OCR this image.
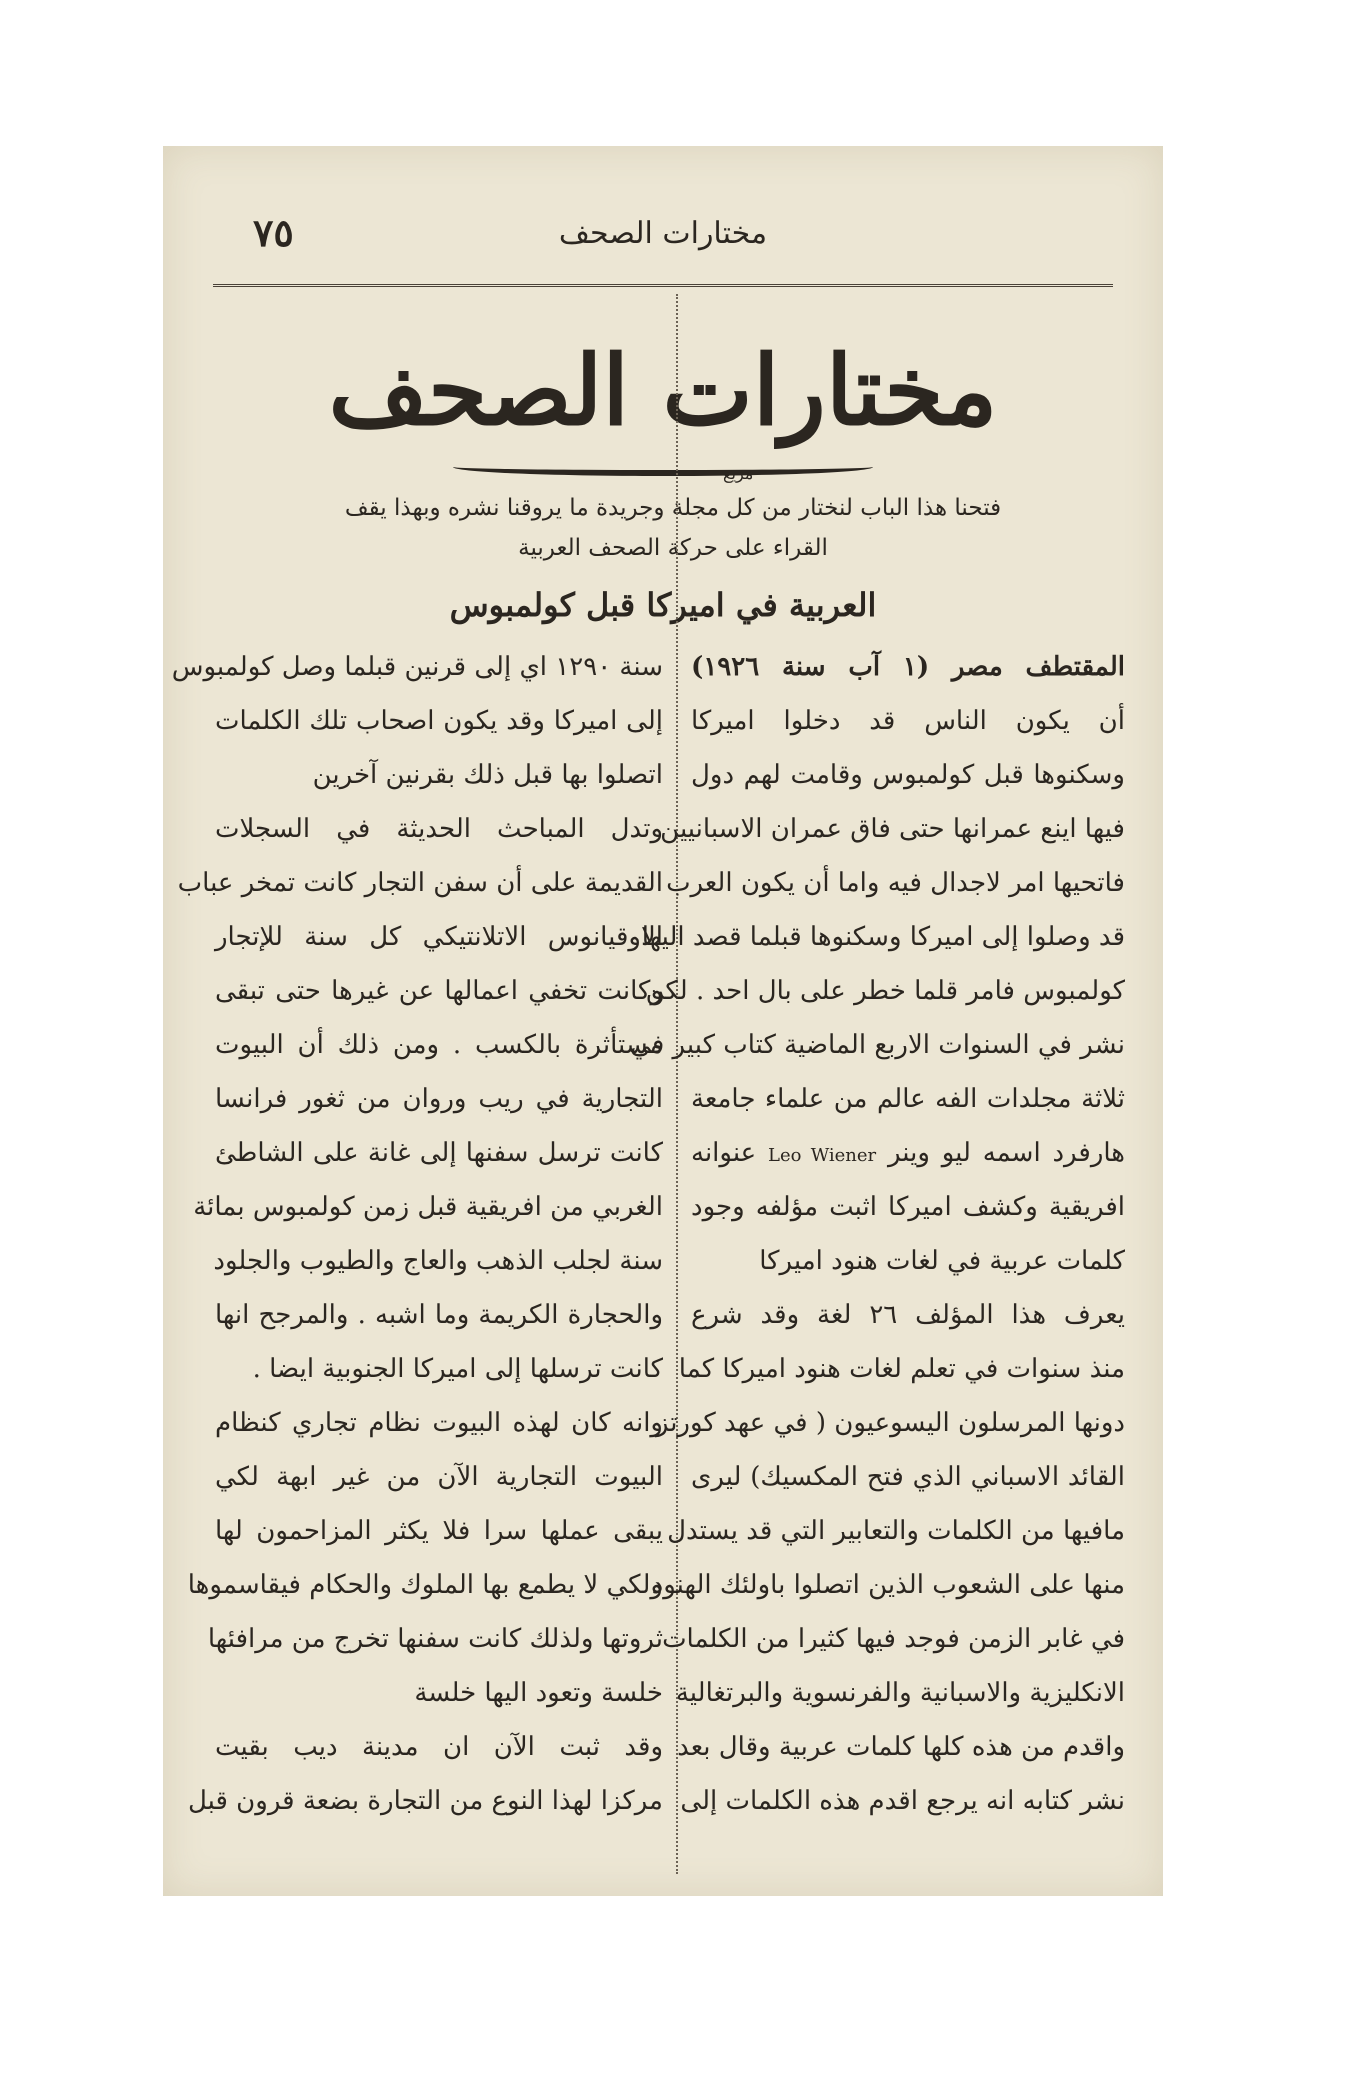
٧٥	مختارات الصحف
مختارات الصحف
مريع
فتحنا هذا الباب لنختار من كل مجلة وجريدة ما يروقنا نشره وبهذا يقف
القراء على حركة الصحف العربية
العربية في اميركا قبل كولمبوس
المقتطف مصر (١ آب سنة ١٩٢٦)
أن يكون الناس قد دخلوا اميركا
وسكنوها قبل كولمبوس وقامت لهم دول
فيها اينع عمرانها حتى فاق عمران الاسبانيين
فاتحيها امر لاجدال فيه واما أن يكون العرب
قد وصلوا إلى اميركا وسكنوها قبلما قصد اليها
كولمبوس فامر قلما خطر على بال احد . لكن
نشر في السنوات الاربع الماضية كتاب كبير في
ثلاثة مجلدات الفه عالم من علماء جامعة
هارفرد اسمه ليو وينر Leo Wiener عنوانه
افريقية وكشف اميركا اثبت مؤلفه وجود
كلمات عربية في لغات هنود اميركا
يعرف هذا المؤلف ٢٦ لغة وقد شرع
منذ سنوات في تعلم لغات هنود اميركا كما
دونها المرسلون اليسوعيون ( في عهد كورتز
القائد الاسباني الذي فتح المكسيك) ليرى
مافيها من الكلمات والتعابير التي قد يستدل
منها على الشعوب الذين اتصلوا باولئك الهنود
في غابر الزمن فوجد فيها كثيرا من الكلمات
الانكليزية والاسبانية والفرنسوية والبرتغالية
واقدم من هذه كلها كلمات عربية وقال بعد
نشر كتابه انه يرجع اقدم هذه الكلمات إلى
سنة ١٢٩٠ اي إلى قرنين قبلما وصل كولمبوس
إلى اميركا وقد يكون اصحاب تلك الكلمات
اتصلوا بها قبل ذلك بقرنين آخرين
وتدل المباحث الحديثة في السجلات
القديمة على أن سفن التجار كانت تمخر عباب
الاوقيانوس الاتلانتيكي كل سنة للإتجار
وكانت تخفي اعمالها عن غيرها حتى تبقى
مستأثرة بالكسب . ومن ذلك أن البيوت
التجارية في ريب وروان من ثغور فرانسا
كانت ترسل سفنها إلى غانة على الشاطئ
الغربي من افريقية قبل زمن كولمبوس بمائة
سنة لجلب الذهب والعاج والطيوب والجلود
والحجارة الكريمة وما اشبه . والمرجح انها
كانت ترسلها إلى اميركا الجنوبية ايضا .
وانه كان لهذه البيوت نظام تجاري كنظام
البيوت التجارية الآن من غير ابهة لكي
يبقى عملها سرا فلا يكثر المزاحمون لها
ولكي لا يطمع بها الملوك والحكام فيقاسموها
ثروتها ولذلك كانت سفنها تخرج من مرافئها
خلسة وتعود اليها خلسة
وقد ثبت الآن ان مدينة ديب بقيت
مركزا لهذا النوع من التجارة بضعة قرون قبل
